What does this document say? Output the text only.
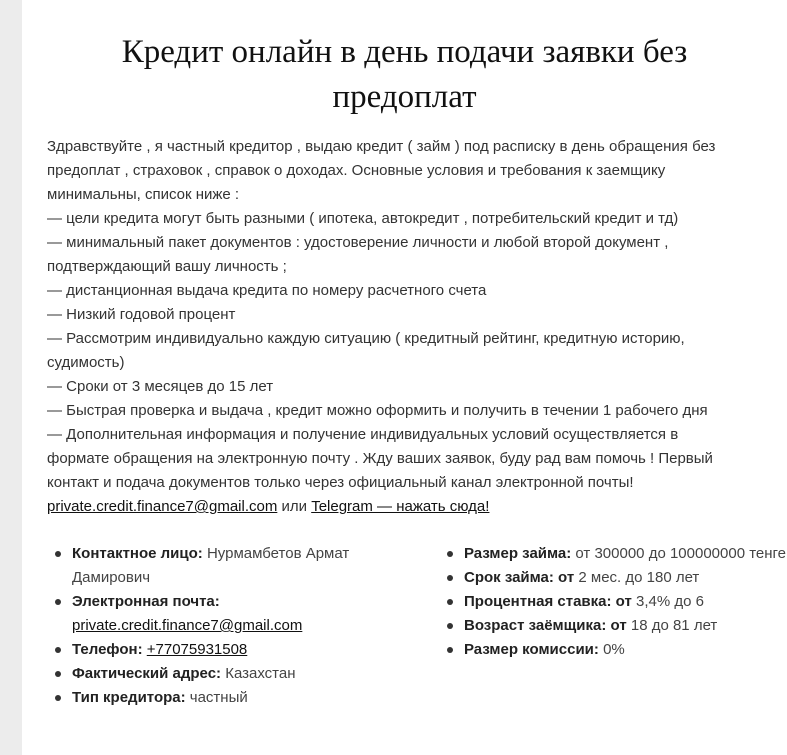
Кредит онлайн в день подачи заявки без
предоплат
Здравствуйте , я частный кредитор , выдаю кредит ( займ ) под расписку в день обращения без
предоплат , страховок , справок о доходах. Основные условия и требования к заемщику
минимальны, список ниже :
— цели кредита могут быть разными ( ипотека, автокредит , потребительский кредит и тд)
— минимальный пакет документов : удостоверение личности и любой второй документ ,
подтверждающий вашу личность ;
— дистанционная выдача кредита по номеру расчетного счета
— Низкий годовой процент
— Рассмотрим индивидуально каждую ситуацию ( кредитный рейтинг, кредитную историю,
судимость)
— Сроки от 3 месяцев до 15 лет
— Быстрая проверка и выдача , кредит можно оформить и получить в течении 1 рабочего дня
— Дополнительная информация и получение индивидуальных условий осуществляется в
формате обращения на электронную почту . Жду ваших заявок, буду рад вам помочь ! Первый
контакт и подача документов только через официальный канал электронной почты!
private.credit.finance7@gmail.com или Telegram — нажать сюда!
Контактное лицо: Нурмамбетов Армат Дамирович
Электронная почта:
private.credit.finance7@gmail.com
Телефон: +77075931508
Фактический адрес: Казахстан
Тип кредитора: частный
Размер займа: от 300000 до 100000000 тенге
Срок займа: от 2 мес. до 180 лет
Процентная ставка: от 3,4% до 6
Возраст заёмщика: от 18 до 81 лет
Размер комиссии: 0%
